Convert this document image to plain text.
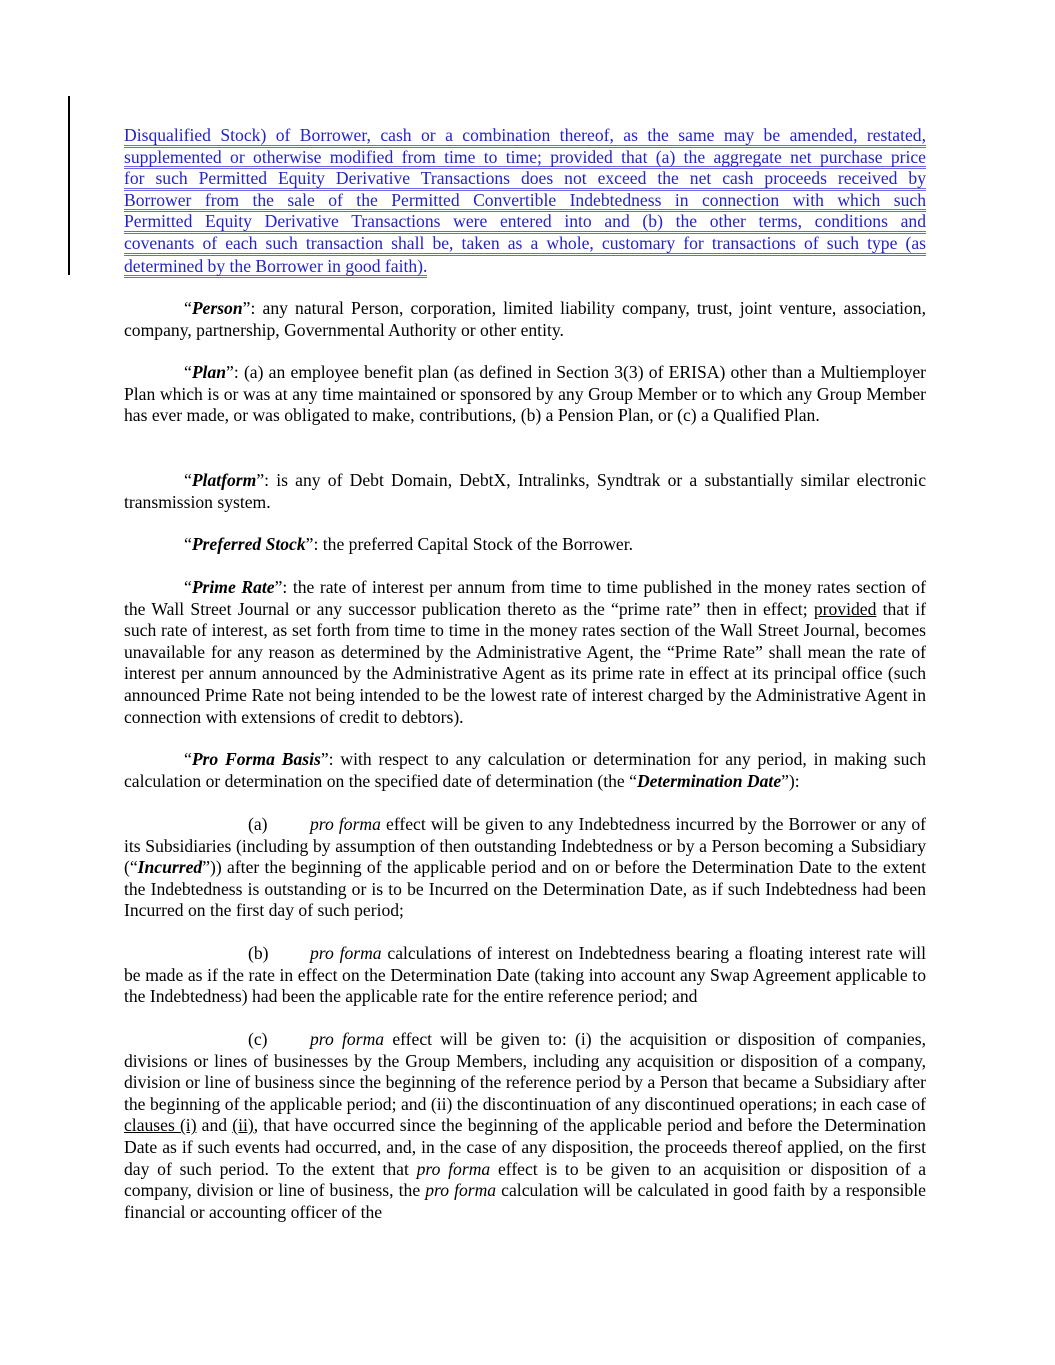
Disqualified Stock) of Borrower, cash or a combination thereof, as the same may be amended, restated,
supplemented or otherwise modified from time to time; provided that (a) the aggregate net purchase price
for such Permitted Equity Derivative Transactions does not exceed the net cash proceeds received by
Borrower from the sale of the Permitted Convertible Indebtedness in connection with which such
Permitted Equity Derivative Transactions were entered into and (b) the other terms, conditions and
covenants of each such transaction shall be, taken as a whole, customary for transactions of such type (as
determined by the Borrower in good faith).

“Person”: any natural Person, corporation, limited liability company, trust, joint venture, association, company, partnership, Governmental Authority or other entity.

“Plan”: (a) an employee benefit plan (as defined in Section 3(3) of ERISA) other than a Multiemployer Plan which is or was at any time maintained or sponsored by any Group Member or to which any Group Member has ever made, or was obligated to make, contributions, (b) a Pension Plan, or (c) a Qualified Plan.

“Platform”: is any of Debt Domain, DebtX, Intralinks, Syndtrak or a substantially similar electronic transmission system.

“Preferred Stock”: the preferred Capital Stock of the Borrower.

“Prime Rate”: the rate of interest per annum from time to time published in the money rates section of the Wall Street Journal or any successor publication thereto as the “prime rate” then in effect; provided that if such rate of interest, as set forth from time to time in the money rates section of the Wall Street Journal, becomes unavailable for any reason as determined by the Administrative Agent, the “Prime Rate” shall mean the rate of interest per annum announced by the Administrative Agent as its prime rate in effect at its principal office (such announced Prime Rate not being intended to be the lowest rate of interest charged by the Administrative Agent in connection with extensions of credit to debtors).

“Pro Forma Basis”: with respect to any calculation or determination for any period, in making such calculation or determination on the specified date of determination (the “Determination Date”):

(a) pro forma effect will be given to any Indebtedness incurred by the Borrower or any of its Subsidiaries (including by assumption of then outstanding Indebtedness or by a Person becoming a Subsidiary (“Incurred”)) after the beginning of the applicable period and on or before the Determination Date to the extent the Indebtedness is outstanding or is to be Incurred on the Determination Date, as if such Indebtedness had been Incurred on the first day of such period;

(b) pro forma calculations of interest on Indebtedness bearing a floating interest rate will be made as if the rate in effect on the Determination Date (taking into account any Swap Agreement applicable to the Indebtedness) had been the applicable rate for the entire reference period; and

(c) pro forma effect will be given to: (i) the acquisition or disposition of companies, divisions or lines of businesses by the Group Members, including any acquisition or disposition of a company, division or line of business since the beginning of the reference period by a Person that became a Subsidiary after the beginning of the applicable period; and (ii) the discontinuation of any discontinued operations; in each case of clauses (i) and (ii), that have occurred since the beginning of the applicable period and before the Determination Date as if such events had occurred, and, in the case of any disposition, the proceeds thereof applied, on the first day of such period. To the extent that pro forma effect is to be given to an acquisition or disposition of a company, division or line of business, the pro forma calculation will be calculated in good faith by a responsible financial or accounting officer of the
